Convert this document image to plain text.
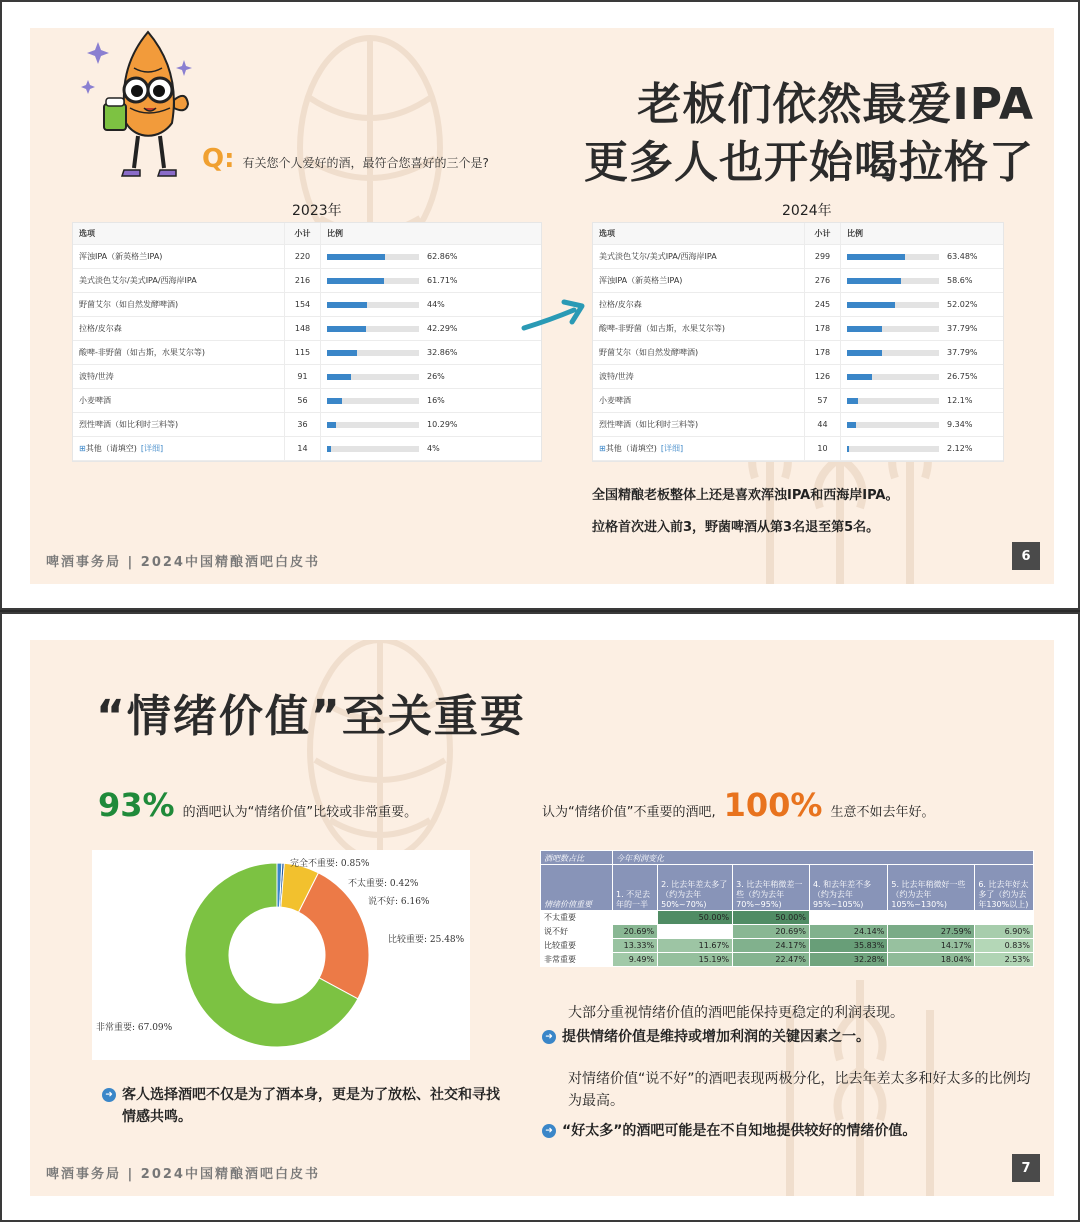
Q: 有关您个人爱好的酒，最符合您喜好的三个是?
老板们依然最爱IPA
更多人也开始喝拉格了
2023年	2024年
选项	小计	比例
浑浊IPA（新英格兰IPA)	220	62.86%
美式淡色艾尔/美式IPA/西海岸IPA	216	61.71%
野菌艾尔（如自然发酵啤酒)	154	44%
拉格/皮尔森	148	42.29%
酸啤-非野菌（如古斯，水果艾尔等)	115	32.86%
波特/世涛	91	26%
小麦啤酒	56	16%
烈性啤酒（如比利时三料等)	36	10.29%
⊞ 其他（请填空) [详细]	14	4%
选项	小计	比例
美式淡色艾尔/美式IPA/西海岸IPA	299	63.48%
浑浊IPA（新英格兰IPA)	276	58.6%
拉格/皮尔森	245	52.02%
酸啤-非野菌（如古斯，水果艾尔等)	178	37.79%
野菌艾尔（如自然发酵啤酒)	178	37.79%
波特/世涛	126	26.75%
小麦啤酒	57	12.1%
烈性啤酒（如比利时三料等)	44	9.34%
⊞ 其他（请填空) [详细]	10	2.12%
全国精酿老板整体上还是喜欢浑浊IPA和西海岸IPA。
拉格首次进入前3，野菌啤酒从第3名退至第5名。
啤酒事务局 | 2024中国精酿酒吧白皮书	6
“情绪价值”至关重要
93% 的酒吧认为“情绪价值”比较或非常重要。	认为“情绪价值”不重要的酒吧, 100% 生意不如去年好。
完全不重要: 0.85%
不太重要: 0.42%
说不好: 6.16%
比较重要: 25.48%
非常重要: 67.09%
➜ 客人选择酒吧不仅是为了酒本身，更是为了放松、社交和寻找情感共鸣。
酒吧数占比	今年利润变化					
情绪价值重要	1. 不足去年的一半	2. 比去年差太多了（约为去年50%~70%)	3. 比去年稍微差一些（约为去年70%~95%)	4. 和去年差不多（约为去年95%~105%)	5. 比去年稍微好一些（约为去年105%~130%)	6. 比去年好太多了（约为去年130%以上)
不太重要		50.00%	50.00%			
说不好	20.69%		20.69%	24.14%	27.59%	6.90%
比较重要	13.33%	11.67%	24.17%	35.83%	14.17%	0.83%
非常重要	9.49%	15.19%	22.47%	32.28%	18.04%	2.53%
大部分重视情绪价值的酒吧能保持更稳定的利润表现。
➜ 提供情绪价值是维持或增加利润的关键因素之一。
对情绪价值“说不好”的酒吧表现两极分化，比去年差太多和好太多的比例均为最高。
➜ “好太多”的酒吧可能是在不自知地提供较好的情绪价值。
啤酒事务局 | 2024中国精酿酒吧白皮书	7
